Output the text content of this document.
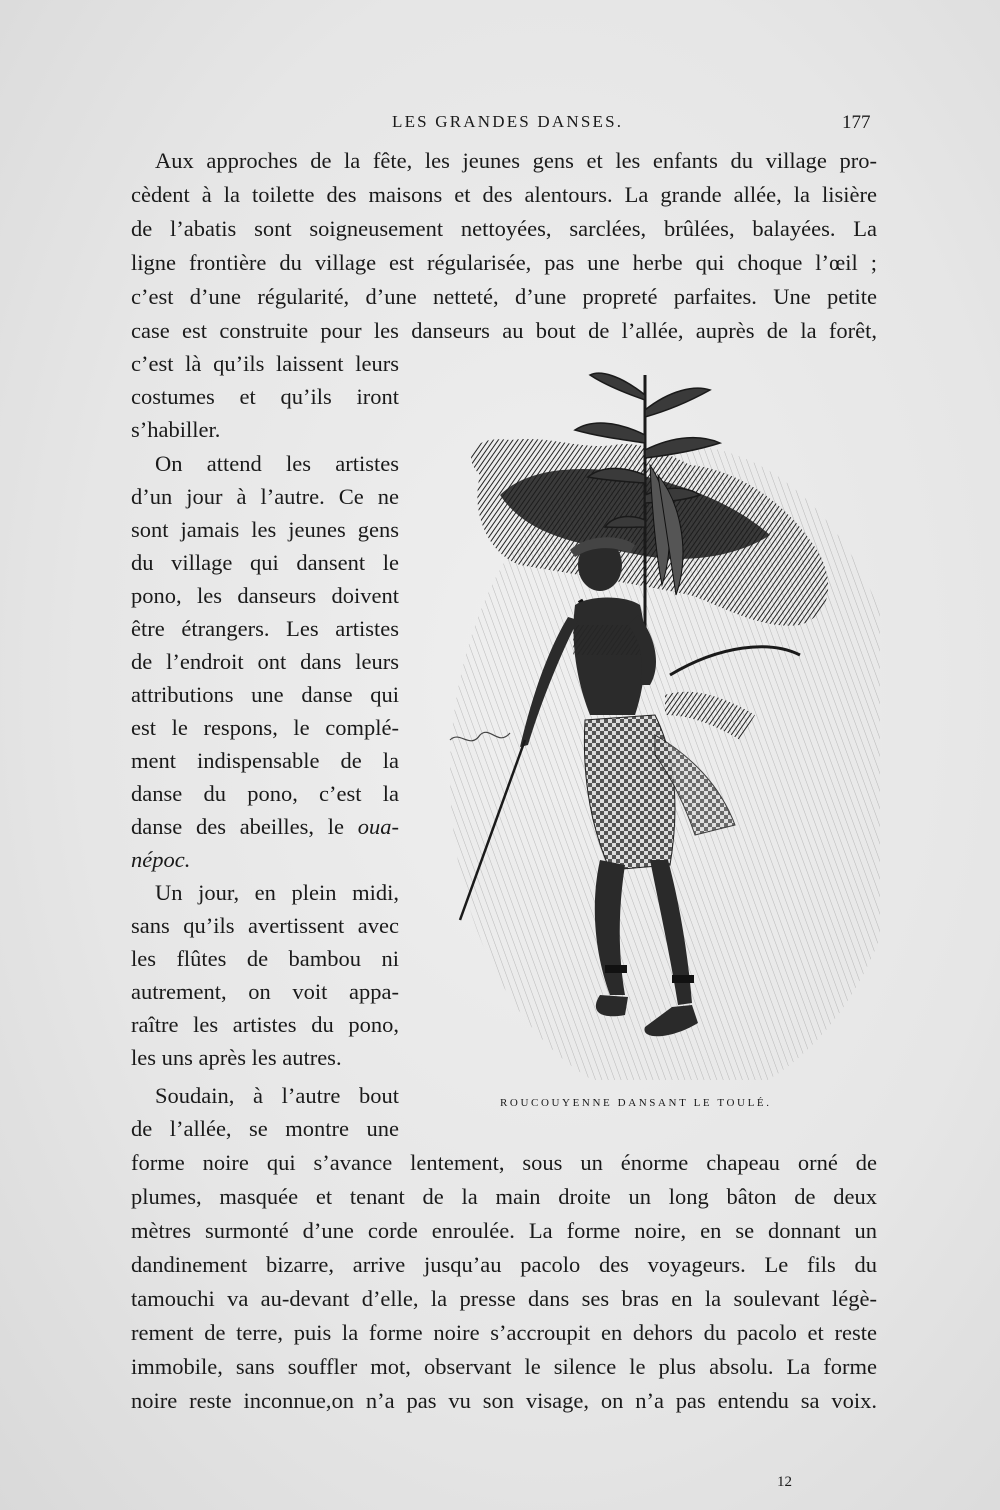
LES GRANDES DANSES.	177
Aux approches de la fête, les jeunes gens et les enfants du village pro-
cèdent à la toilette des maisons et des alentours. La grande allée, la lisière
de l’abatis sont soigneusement nettoyées, sarclées, brûlées, balayées. La
ligne frontière du village est régularisée, pas une herbe qui choque l’œil ;
c’est d’une régularité, d’une netteté, d’une propreté parfaites. Une petite
case est construite pour les danseurs au bout de l’allée, auprès de la forêt,
c’est là qu’ils laissent leurs
costumes et qu’ils iront
s’habiller.
On attend les artistes
d’un jour à l’autre. Ce ne
sont jamais les jeunes gens
du village qui dansent le
pono, les danseurs doivent
être étrangers. Les artistes
de l’endroit ont dans leurs
attributions une danse qui
est le respons, le complé-
ment indispensable de la
danse du pono, c’est la
danse des abeilles, le oua-
népoc.
Un jour, en plein midi,
sans qu’ils avertissent avec
les flûtes de bambou ni
autrement, on voit appa-
raître les artistes du pono,
les uns après les autres.
Soudain, à l’autre bout
de l’allée, se montre une
forme noire qui s’avance lentement, sous un énorme chapeau orné de
plumes, masquée et tenant de la main droite un long bâton de deux
mètres surmonté d’une corde enroulée. La forme noire, en se donnant un
dandinement bizarre, arrive jusqu’au pacolo des voyageurs. Le fils du
tamouchi va au-devant d’elle, la presse dans ses bras en la soulevant légè-
rement de terre, puis la forme noire s’accroupit en dehors du pacolo et reste
immobile, sans souffler mot, observant le silence le plus absolu. La forme
noire reste inconnue,on n’a pas vu son visage, on n’a pas entendu sa voix.
ROUCOUYENNE DANSANT LE TOULÉ.
12
